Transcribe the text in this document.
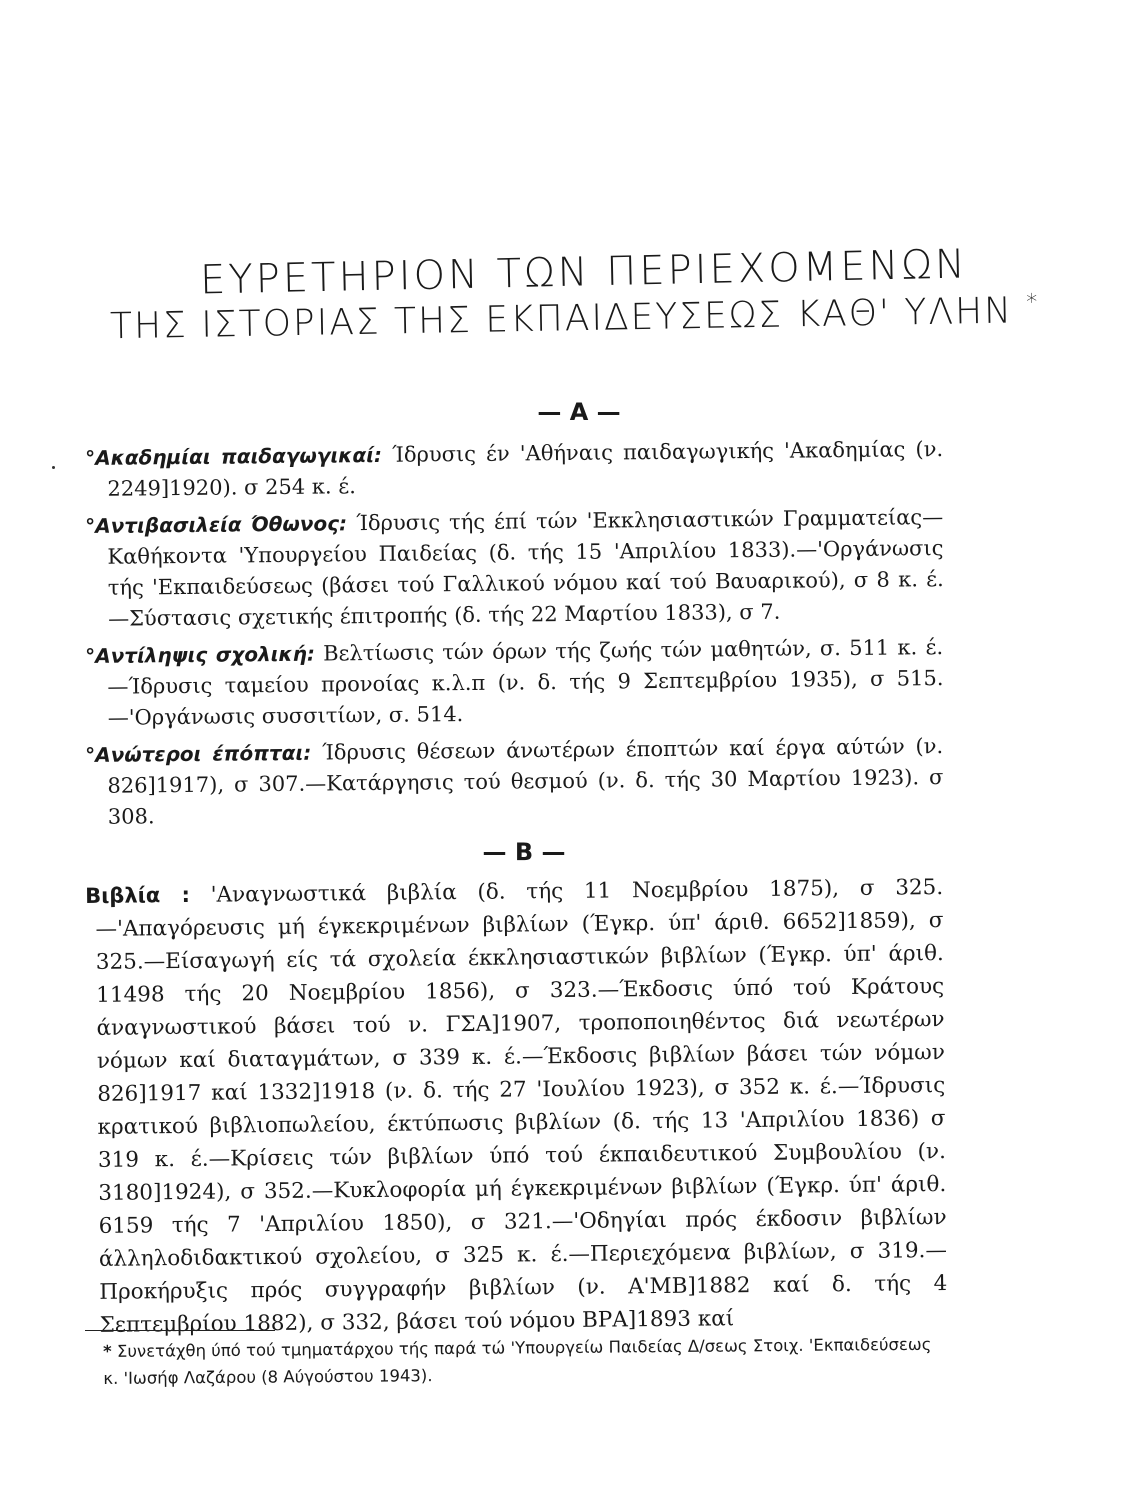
ΕΥΡΕΤΗΡΙΟΝ ΤΩΝ ΠΕΡΙΕΧΟΜΕΝΩΝ
ΤΗΣ ΙΣΤΟΡΙΑΣ ΤΗΣ ΕΚΠΑΙΔΕΥΣΕΩΣ ΚΑΘ' ΥΛΗΝ *
— Α —

°Ακαδημίαι παιδαγωγικαί: Ίδρυσις έν 'Αθήναις παιδαγωγικής 'Ακαδημίας (ν. 2249]1920). σ 254 κ. έ.

°Αντιβασιλεία Όθωνος: Ίδρυσις τής έπί τών 'Εκκλησιαστικών Γραμματείας—Καθήκοντα 'Υπουργείου Παιδείας (δ. τής 15 'Απριλίου 1833).—'Οργάνωσις τής 'Εκπαιδεύσεως (βάσει τού Γαλλικού νόμου καί τού Βαυαρικού), σ 8 κ. έ.—Σύστασις σχετικής έπιτροπής (δ. τής 22 Μαρτίου 1833), σ 7.

°Αντίληψις σχολική: Βελτίωσις τών όρων τής ζωής τών μαθητών, σ. 511 κ. έ.—Ίδρυσις ταμείου προνοίας κ.λ.π (ν. δ. τής 9 Σεπτεμβρίου 1935), σ 515.—'Οργάνωσις συσσιτίων, σ. 514.

°Ανώτεροι έπόπται: Ίδρυσις θέσεων άνωτέρων έποπτών καί έργα αύτών (ν. 826]1917), σ 307.—Κατάργησις τού θεσμού (ν. δ. τής 30 Μαρτίου 1923). σ 308.

— Β —

Βιβλία : 'Αναγνωστικά βιβλία (δ. τής 11 Νοεμβρίου 1875), σ 325.—'Απαγόρευσις μή έγκεκριμένων βιβλίων (Έγκρ. ύπ' άριθ. 6652]1859), σ 325.—Είσαγωγή είς τά σχολεία έκκλησιαστικών βιβλίων (Έγκρ. ύπ' άριθ. 11498 τής 20 Νοεμβρίου 1856), σ 323.—Έκδοσις ύπό τού Κράτους άναγνωστικού βάσει τού ν. ΓΣΑ]1907, τροποποιηθέντος διά νεωτέρων νόμων καί διαταγμάτων, σ 339 κ. έ.—Έκδοσις βιβλίων βάσει τών νόμων 826]1917 καί 1332]1918 (ν. δ. τής 27 'Ιουλίου 1923), σ 352 κ. έ.—Ίδρυσις κρατικού βιβλιοπωλείου, έκτύπωσις βιβλίων (δ. τής 13 'Απριλίου 1836) σ 319 κ. έ.—Κρίσεις τών βιβλίων ύπό τού έκπαιδευτικού Συμβουλίου (ν. 3180]1924), σ 352.—Κυκλοφορία μή έγκεκριμένων βιβλίων (Έγκρ. ύπ' άριθ. 6159 τής 7 'Απριλίου 1850), σ 321.—'Οδηγίαι πρός έκδοσιν βιβλίων άλληλοδιδακτικού σχολείου, σ 325 κ. έ.—Περιεχόμενα βιβλίων, σ 319.—Προκήρυξις πρός συγγραφήν βιβλίων (ν. Α'ΜΒ]1882 καί δ. τής 4 Σεπτεμβρίου 1882), σ 332, βάσει τού νόμου ΒΡΑ]1893 καί

* Συνετάχθη ύπό τού τμηματάρχου τής παρά τώ 'Υπουργείω Παιδείας Δ/σεως Στοιχ. 'Εκπαιδεύσεως κ. 'Ιωσήφ Λαζάρου (8 Αύγούστου 1943).
